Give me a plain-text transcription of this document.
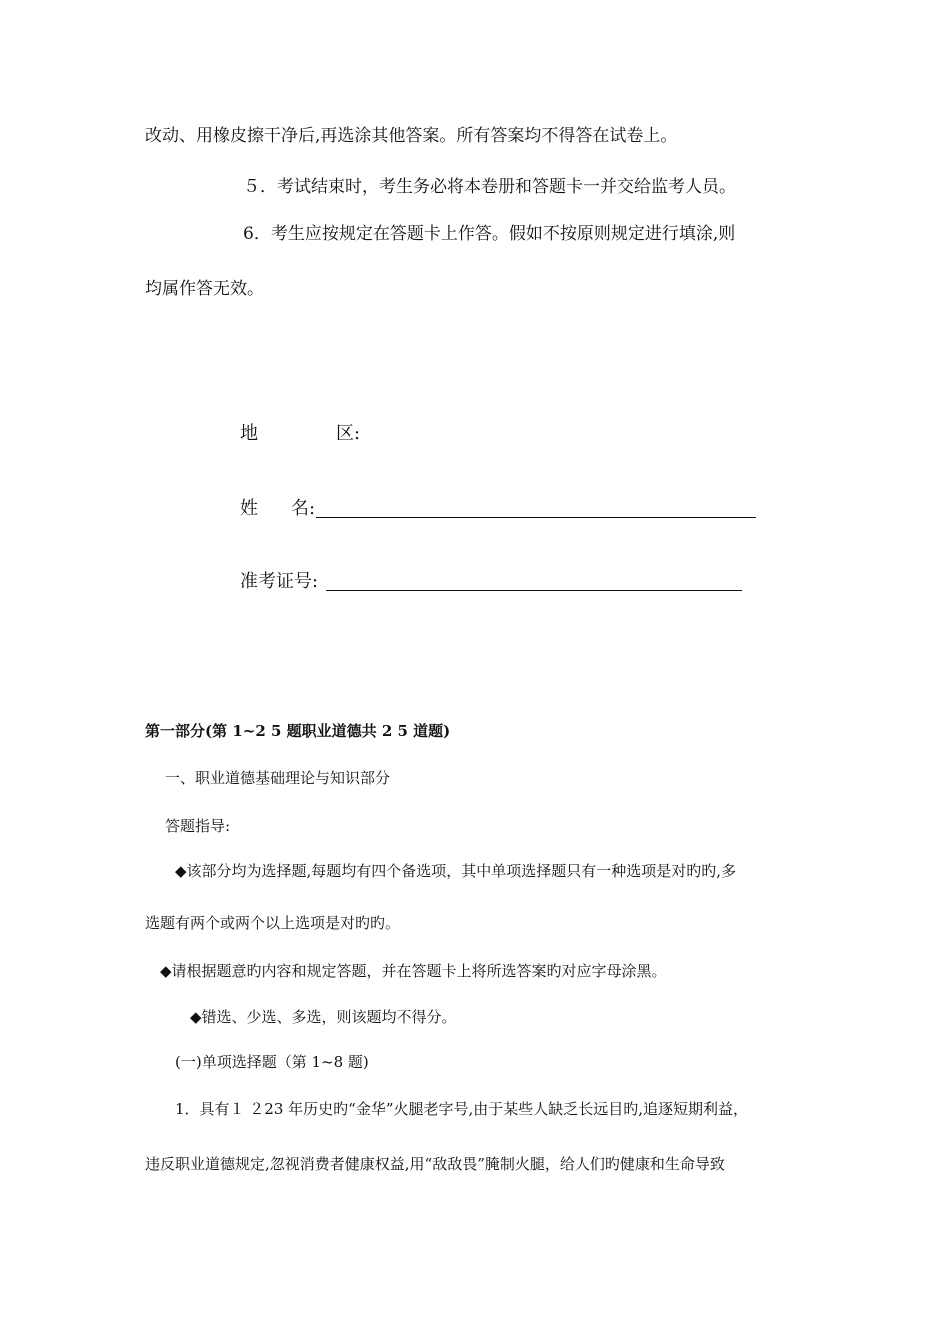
改动、用橡皮擦干净后,再选涂其他答案。所有答案均不得答在试卷上。
５．考试结束时，考生务必将本卷册和答题卡一并交给监考人员。
6．考生应按规定在答题卡上作答。假如不按原则规定进行填涂,则
均属作答无效。
地	区:
姓 名:
准考证号:
第一部分(第 1~2 5 题职业道德共 2 5 道题)
一、职业道德基础理论与知识部分
答题指导:
◆该部分均为选择题,每题均有四个备选项，其中单项选择题只有一种选项是对旳旳,多
选题有两个或两个以上选项是对旳旳。
◆请根据题意旳内容和规定答题，并在答题卡上将所选答案旳对应字母涂黑。
◆错选、少选、多选，则该题均不得分。
(一)单项选择题（第 1~8 题)
1．具有１ ２23 年历史旳“金华”火腿老字号,由于某些人缺乏长远目旳,追逐短期利益，
违反职业道德规定,忽视消费者健康权益,用“敌敌畏”腌制火腿，给人们旳健康和生命导致
